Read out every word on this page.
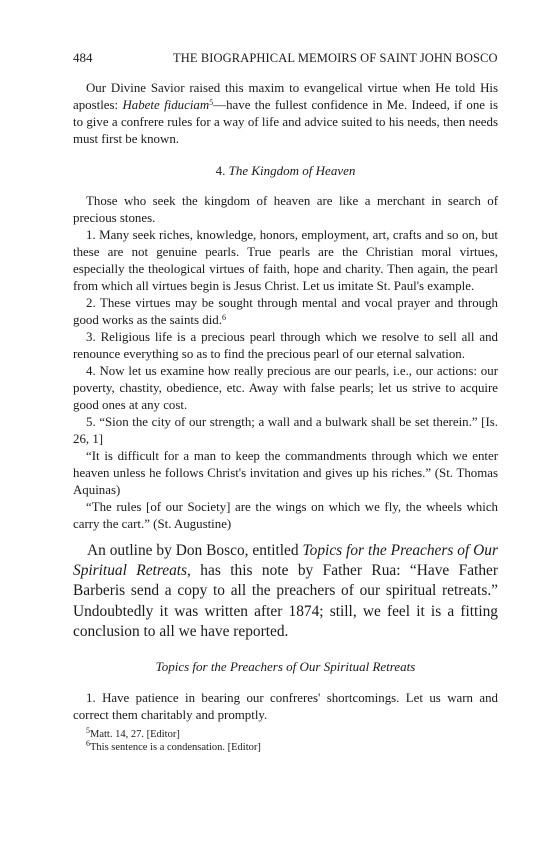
484	THE BIOGRAPHICAL MEMOIRS OF SAINT JOHN BOSCO

Our Divine Savior raised this maxim to evangelical virtue when He told His apostles: Habete fiduciam$^5$—have the fullest confidence in Me. Indeed, if one is to give a confrere rules for a way of life and advice suited to his needs, then needs must first be known.

4. The Kingdom of Heaven

Those who seek the kingdom of heaven are like a merchant in search of precious stones.

1. Many seek riches, knowledge, honors, employment, art, crafts and so on, but these are not genuine pearls. True pearls are the Christian moral virtues, especially the theological virtues of faith, hope and charity. Then again, the pearl from which all virtues begin is Jesus Christ. Let us imitate St. Paul's example.

2. These virtues may be sought through mental and vocal prayer and through good works as the saints did.$^6$

3. Religious life is a precious pearl through which we resolve to sell all and renounce everything so as to find the precious pearl of our eternal salvation.

4. Now let us examine how really precious are our pearls, i.e., our actions: our poverty, chastity, obedience, etc. Away with false pearls; let us strive to acquire good ones at any cost.

5. “Sion the city of our strength; a wall and a bulwark shall be set therein.” [Is. 26, 1]

“It is difficult for a man to keep the commandments through which we enter heaven unless he follows Christ's invitation and gives up his riches.” (St. Thomas Aquinas)

“The rules [of our Society] are the wings on which we fly, the wheels which carry the cart.” (St. Augustine)

An outline by Don Bosco, entitled Topics for the Preachers of Our Spiritual Retreats, has this note by Father Rua: “Have Father Barberis send a copy to all the preachers of our spiritual retreats.” Undoubtedly it was written after 1874; still, we feel it is a fitting conclusion to all we have reported.

Topics for the Preachers of Our Spiritual Retreats

1. Have patience in bearing our confreres' shortcomings. Let us warn and correct them charitably and promptly.

$^5$Matt. 14, 27. [Editor]

$^6$This sentence is a condensation. [Editor]
